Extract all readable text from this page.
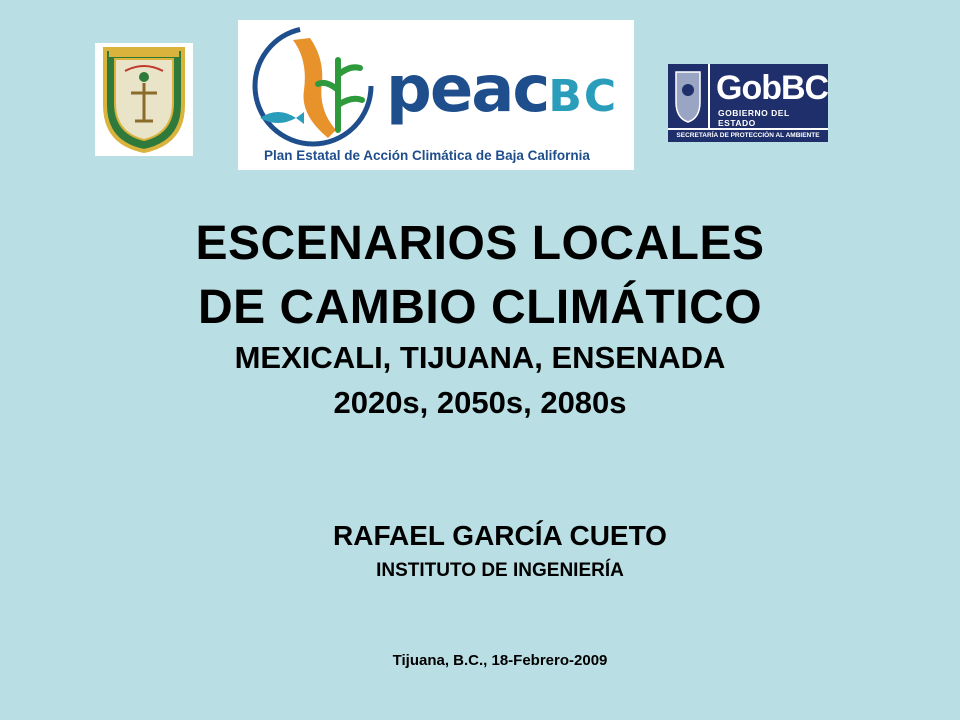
peacBC
Plan Estatal de Acción Climática de Baja California
GobBC
GOBIERNO DEL ESTADO
SECRETARÍA DE PROTECCIÓN AL AMBIENTE
ESCENARIOS LOCALES
DE CAMBIO CLIMÁTICO
MEXICALI, TIJUANA, ENSENADA
2020s, 2050s, 2080s

RAFAEL GARCÍA CUETO

INSTITUTO DE INGENIERÍA

Tijuana, B.C., 18-Febrero-2009
